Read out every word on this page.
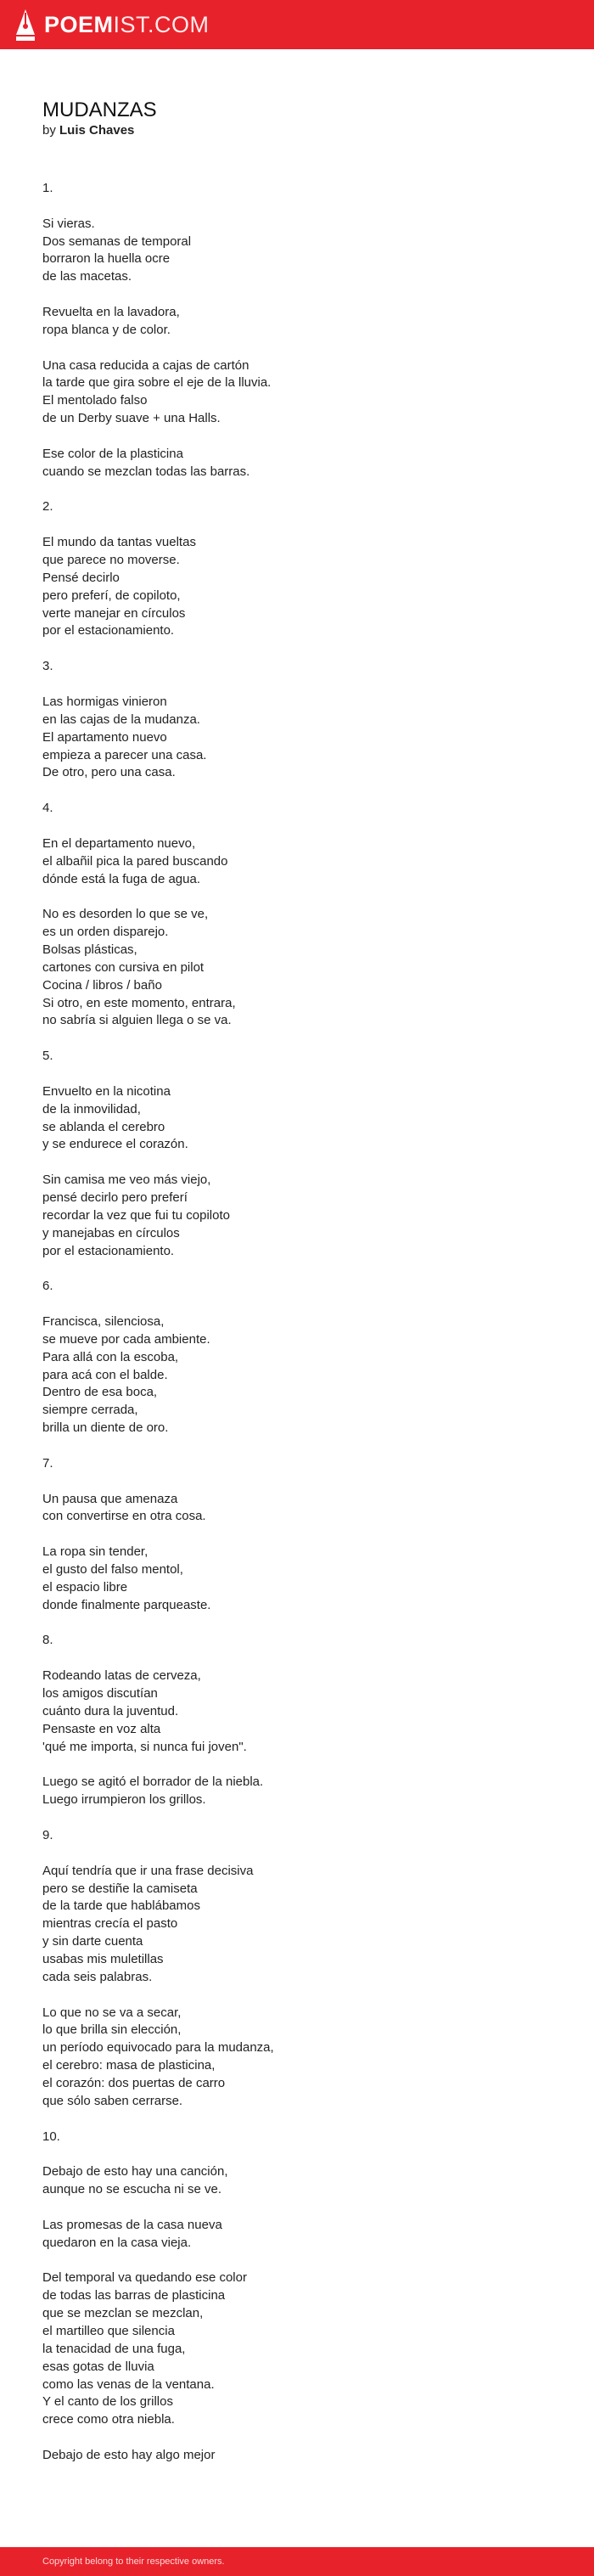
POEMIST.COM
MUDANZAS
by Luis Chaves

1.

Si vieras.
Dos semanas de temporal
borraron la huella ocre
de las macetas.

Revuelta en la lavadora,
ropa blanca y de color.

Una casa reducida a cajas de cartón
la tarde que gira sobre el eje de la lluvia.
El mentolado falso
de un Derby suave + una Halls.

Ese color de la plasticina
cuando se mezclan todas las barras.

2.

El mundo da tantas vueltas
que parece no moverse.
Pensé decirlo
pero preferí, de copiloto,
verte manejar en círculos
por el estacionamiento.

3.

Las hormigas vinieron
en las cajas de la mudanza.
El apartamento nuevo
empieza a parecer una casa.
De otro, pero una casa.

4.

En el departamento nuevo,
el albañil pica la pared buscando
dónde está la fuga de agua.

No es desorden lo que se ve,
es un orden disparejo.
Bolsas plásticas,
cartones con cursiva en pilot
Cocina / libros / baño
Si otro, en este momento, entrara,
no sabría si alguien llega o se va.

5.

Envuelto en la nicotina
de la inmovilidad,
se ablanda el cerebro
y se endurece el corazón.

Sin camisa me veo más viejo,
pensé decirlo pero preferí
recordar la vez que fui tu copiloto
y manejabas en círculos
por el estacionamiento.

6.

Francisca, silenciosa,
se mueve por cada ambiente.
Para allá con la escoba,
para acá con el balde.
Dentro de esa boca,
siempre cerrada,
brilla un diente de oro.

7.

Un pausa que amenaza
con convertirse en otra cosa.

La ropa sin tender,
el gusto del falso mentol,
el espacio libre
donde finalmente parqueaste.

8.

Rodeando latas de cerveza,
los amigos discutían
cuánto dura la juventud.
Pensaste en voz alta
'qué me importa, si nunca fui joven".

Luego se agitó el borrador de la niebla.
Luego irrumpieron los grillos.

9.

Aquí tendría que ir una frase decisiva
pero se destiñe la camiseta
de la tarde que hablábamos
mientras crecía el pasto
y sin darte cuenta
usabas mis muletillas
cada seis palabras.

Lo que no se va a secar,
lo que brilla sin elección,
un período equivocado para la mudanza,
el cerebro: masa de plasticina,
el corazón: dos puertas de carro
que sólo saben cerrarse.

10.

Debajo de esto hay una canción,
aunque no se escucha ni se ve.

Las promesas de la casa nueva
quedaron en la casa vieja.

Del temporal va quedando ese color
de todas las barras de plasticina
que se mezclan se mezclan,
el martilleo que silencia
la tenacidad de una fuga,
esas gotas de lluvia
como las venas de la ventana.
Y el canto de los grillos
crece como otra niebla.

Debajo de esto hay algo mejor

Copyright belong to their respective owners.
